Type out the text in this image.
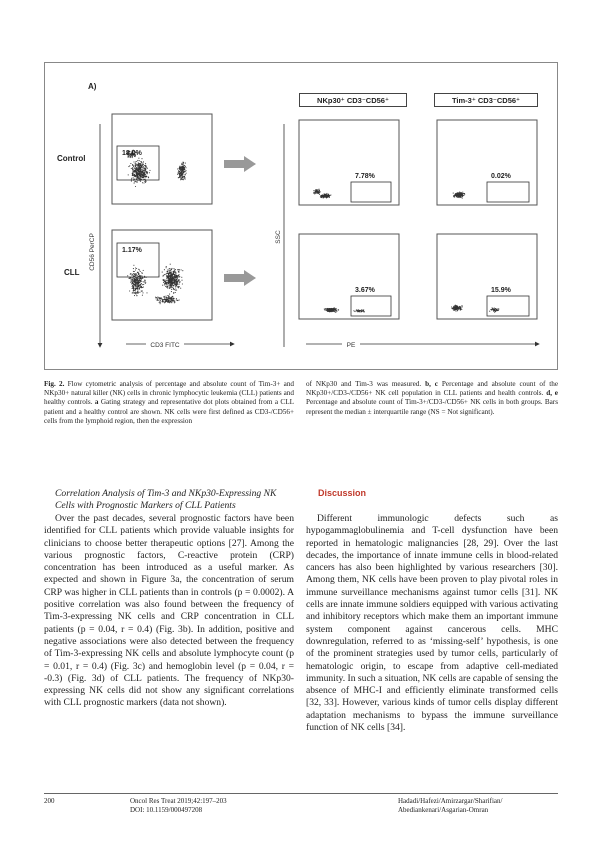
A)
NKp30⁺ CD3⁻CD56⁺	Tim-3⁺ CD3⁻CD56⁺
Control
CLL
18.0%
1.17%
7.78%
3.67%
0.02%
15.9%
CD56 PerCP	SSC
CD3 FITC	PE
Fig. 2. Flow cytometric analysis of percentage and absolute count of Tim-3+ and NKp30+ natural killer (NK) cells in chronic lymphocytic leukemia (CLL) patients and healthy controls. a Gating strategy and representative dot plots obtained from a CLL patient and a healthy control are shown. NK cells were first defined as CD3-/CD56+ cells from the lymphoid region, then the expression
of NKp30 and Tim-3 was measured. b, c Percentage and absolute count of the NKp30+/CD3-/CD56+ NK cell population in CLL patients and health controls. d, e Percentage and absolute count of Tim-3+/CD3-/CD56+ NK cells in both groups. Bars represent the median ± interquartile range (NS = Not significant).
Correlation Analysis of Tim-3 and NKp30-Expressing NK Cells with Prognostic Markers of CLL Patients
Over the past decades, several prognostic factors have been identified for CLL patients which provide valuable insights for clinicians to choose better therapeutic options [27]. Among the various prognostic factors, C-reactive protein (CRP) concentration has been introduced as a useful marker. As expected and shown in Figure 3a, the concentration of serum CRP was higher in CLL patients than in controls (p = 0.0002). A positive correlation was also found between the frequency of Tim-3-expressing NK cells and CRP concentration in CLL patients (p = 0.04, r = 0.4) (Fig. 3b). In addition, positive and negative associations were also detected between the frequency of Tim-3-expressing NK cells and absolute lymphocyte count (p = 0.01, r = 0.4) (Fig. 3c) and hemoglobin level (p = 0.04, r = -0.3) (Fig. 3d) of CLL patients. The frequency of NKp30-expressing NK cells did not show any significant correlations with CLL prognostic markers (data not shown).
Discussion
Different immunologic defects such as hypogammaglobulinemia and T-cell dysfunction have been reported in hematologic malignancies [28, 29]. Over the last decades, the importance of innate immune cells in blood-related cancers has also been highlighted by various researchers [30]. Among them, NK cells have been proven to play pivotal roles in immune surveillance mechanisms against tumor cells [31]. NK cells are innate immune soldiers equipped with various activating and inhibitory receptors which make them an important immune system component against cancerous cells. MHC downregulation, referred to as ‘missing-self’ hypothesis, is one of the prominent strategies used by tumor cells, particularly of hematologic origin, to escape from adaptive cell-mediated immunity. In such a situation, NK cells are capable of sensing the absence of MHC-I and efficiently eliminate transformed cells [32, 33]. However, various kinds of tumor cells display different adaptation mechanisms to bypass the immune surveillance function of NK cells [34].
200	Oncol Res Treat 2019;42:197–203
DOI: 10.1159/000497208
Hadadi/Hafezi/Amirzargar/Sharifian/
Abediankenari/Asgarian-Omran
